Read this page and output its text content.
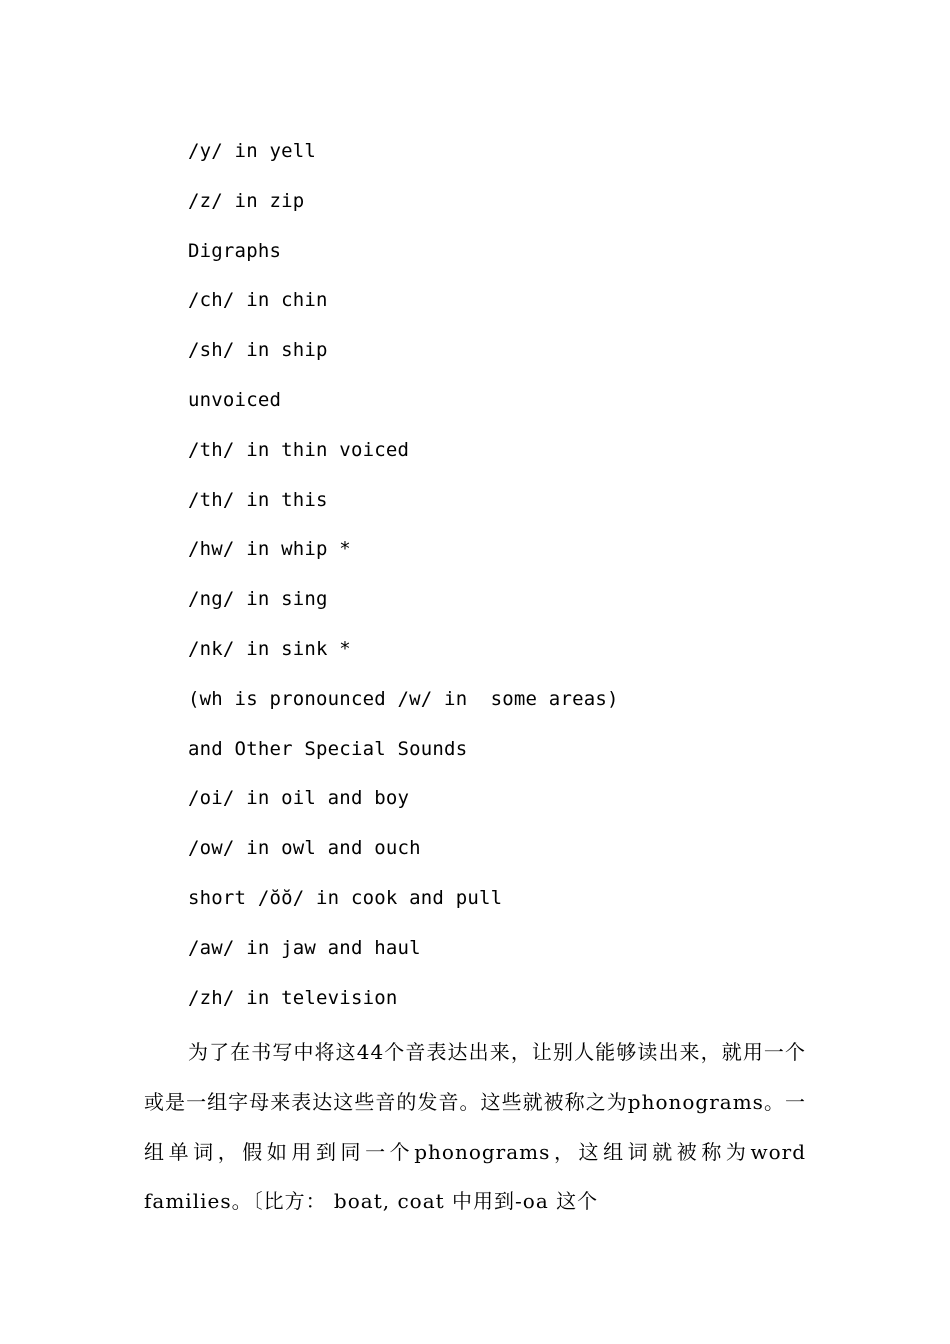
/y/ in yell
/z/ in zip
Digraphs
/ch/ in chin
/sh/ in ship
unvoiced
/th/ in thin voiced
/th/ in this
/hw/ in whip *
/ng/ in sing
/nk/ in sink *
(wh is pronounced /w/ in  some areas)
and Other Special Sounds
/oi/ in oil and boy
/ow/ in owl and ouch
short /ŏŏ/ in cook and pull
/aw/ in jaw and haul
/zh/ in television
为了在书写中将这44个音表达出来，让别人能够读出来，就用一个或是一组字母来表达这些音的发音。这些就被称之为phonograms。一组单词，假如用到同一个phonograms，这组词就被称为word families。〔比方： boat, coat 中用到-oa 这个
